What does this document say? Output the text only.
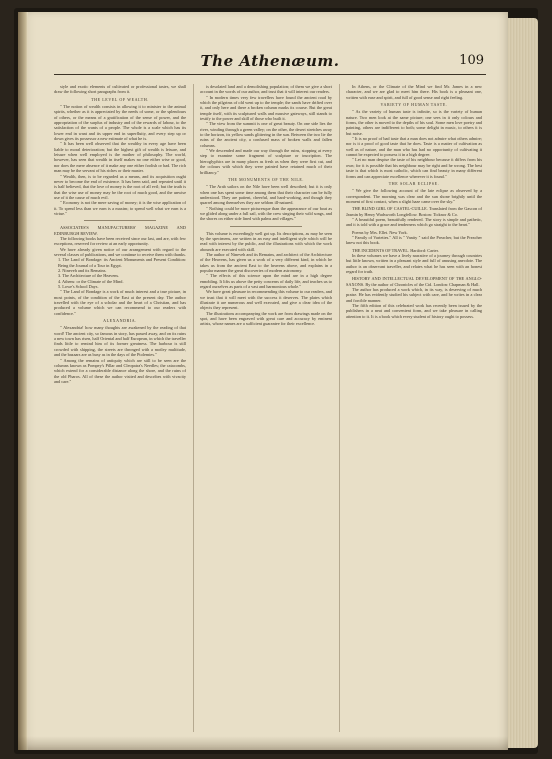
The Athenæum.	109

style and exotic elements of cultivated or professional tastes, we shall draw the following short paragraphs from it.

THE LEVEL OF WEALTH.

" The notion of wealth consists in allowing it to minister to the animal spirits, whether as it is appreciated by the needs of some, or the splendours of others, or the means of a gratification of the sense of power, and the appropriation of the surplus of industry and of the rewards of labour, to the satisfaction of the wants of a people. The whole is a scale which has its lower end in want and its upper end in superfluity, and every step up or down gives its possessor a new estimate of what he is.

" It has been well observed that the wealthy in every age have been liable to moral deterioration; but the highest gift of wealth is leisure, and leisure when well employed is the mother of philosophy. The world, however, has seen that wealth in itself makes no one either wise or good, nor does the mere absence of it make any one either foolish or bad. The rich man may be the servant of his riches or their master.

" Wealth, then, is to be regarded as a means, and its acquisition ought never to become the end of existence. It has been said, and repeated until it is half believed, that the love of money is the root of all evil; but the truth is that the wise use of money may be the root of much good, and the unwise use of it the cause of much evil.

" Economy is not the mere saving of money; it is the wise application of it. To spend less than we earn is a maxim; to spend well what we earn is a virtue."

ASSOCIATES'S MANUFACTURERS' MAGAZINE AND EDINBURGH REVIEW.

The following books have been received since our last, and are, with few exceptions, reserved for review at an early opportunity.

We have already given notice of our arrangement with regard to the several classes of publications, and we continue to receive them with thanks.

1. The Land of Bondage: its Ancient Monuments and Present Condition: Being the Journal of a Tour in Egypt.

2. Nineveh and its Remains.

3. The Architecture of the Heavens.

4. Athens: or the Climate of the Mind.

5. Lowe's School Days.

" The Land of Bondage is a work of much interest and a true picture, in most points, of the condition of the East at the present day. The author travelled with the eye of a scholar and the heart of a Christian, and has produced a volume which we can recommend to our readers with confidence."

ALEXANDRIA.

" Alexandria! how many thoughts are awakened by the reading of that word! The ancient city, so famous in story, has passed away, and on its ruins a new town has risen, half Oriental and half European, in which the traveller finds little to remind him of its former greatness. The harbour is still crowded with shipping, the streets are thronged with a motley multitude, and the bazaars are as busy as in the days of the Ptolemies."

" Among the remains of antiquity which are still to be seen are the columns known as Pompey's Pillar and Cleopatra's Needles; the catacombs, which extend for a considerable distance along the shore, and the ruins of the old Pharos. All of these the author visited and describes with vivacity and care."

is desolated land and a demolishing population; of them we give a short account in the words of our author, and trust that it will interest our readers.

" In modern times very few travellers have found the ancient road by which the pilgrims of old went up to the temple; the sands have drifted over it, and only here and there a broken column marks its course. But the great temple itself, with its sculptured walls and massive gateways, still stands to testify to the power and skill of those who built it.

" The view from the summit is one of great beauty. On one side lies the river, winding through a green valley; on the other, the desert stretches away to the horizon, its yellow sands glittering in the sun. Between the two lie the ruins of the ancient city, a confused mass of broken walls and fallen columns.

" We descended and made our way through the ruins, stopping at every step to examine some fragment of sculpture or inscription. The hieroglyphics are in many places as fresh as when they were first cut, and the colours with which they were painted have retained much of their brilliancy."

THE MONUMENTS OF THE NILE.

" The Arab sailors on the Nile have been well described; but it is only when one has spent some time among them that their character can be fully understood. They are patient, cheerful, and hard-working, and though they quarrel among themselves they are seldom ill-natured.

" Nothing could be more picturesque than the appearance of our boat as we glided along under a full sail, with the crew singing their wild songs, and the shores on either side lined with palms and villages."

This volume is exceedingly well got up. Its descriptions, as may be seen by the specimens, are written in an easy and intelligent style which will be read with interest by the public, and the illustrations with which the work abounds are executed with skill.

The author of Nineveh and its Remains, and architect of the Architecture of the Heavens, has given us a work of a very different kind, in which he takes us from the ancient East to the heavens above, and explains in a popular manner the great discoveries of modern astronomy.

" The effects of this science upon the mind are in a high degree ennobling. It lifts us above the petty concerns of daily life, and teaches us to regard ourselves as parts of a vast and harmonious whole."

We have great pleasure in recommending this volume to our readers, and we trust that it will meet with the success it deserves. The plates which illustrate it are numerous and well executed, and give a clear idea of the objects they represent.

The illustrations accompanying the work are from drawings made on the spot, and have been engraved with great care and accuracy by eminent artists, whose names are a sufficient guarantee for their excellence.

In Athens, or the Climate of the Mind we find Mr. James in a new character, and we are glad to meet him there. His book is a pleasant one, written with ease and spirit, and full of good sense and right feeling.

VARIETY OF HUMAN TASTE.

" As the variety of human taste is infinite, so is the variety of human nature. Two men look at the same picture; one sees in it only colours and forms, the other is moved to the depths of his soul. Some men love poetry and painting, others are indifferent to both; some delight in music, to others it is but noise.

" It is no proof of bad taste that a man does not admire what others admire; nor is it a proof of good taste that he does. Taste is a matter of cultivation as well as of nature, and the man who has had no opportunity of cultivating it cannot be expected to possess it in a high degree.

" Let no man despise the taste of his neighbour because it differs from his own; for it is possible that his neighbour may be right and he wrong. The best taste is that which is most catholic, which can find beauty in many different forms and can appreciate excellence wherever it is found."

THE SOLAR ECLIPSE.

" We give the following account of the late eclipse as observed by a correspondent. The morning was clear and the sun shone brightly until the moment of first contact, when a slight haze came over the sky."

THE BLIND GIRL OF CASTEL-CUILLE. Translated from the Gascon of Jasmin by Henry Wadsworth Longfellow. Boston: Ticknor & Co.

" A beautiful poem, beautifully rendered. The story is simple and pathetic, and it is told with a grace and tenderness which go straight to the heart."

Poems by Mrs. Ellet. New York.

" Family of Varieties." All is " Vanity " said the Preacher, but the Preacher knew not this book.

THE INCIDENTS OF TRAVEL. Hartford: Carter.

In these volumes we have a lively narrative of a journey through countries but little known, written in a pleasant style and full of amusing anecdote. The author is an observant traveller, and relates what he has seen with an honest regard for truth.

HISTORY AND INTELLECTUAL DEVELOPMENT OF THE ANGLO-SAXONS. By the author of Chronicles of the Cid. London: Chapman & Hall.

The author has produced a work which, in its way, is deserving of much praise. He has evidently studied his subject with care, and he writes in a clear and forcible manner.

The fifth edition of this celebrated work has recently been issued by the publishers in a neat and convenient form, and we take pleasure in calling attention to it. It is a book which every student of history ought to possess.
